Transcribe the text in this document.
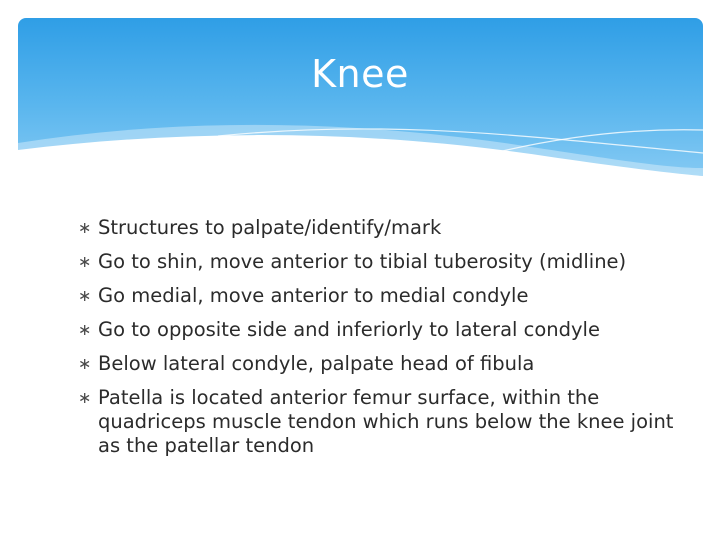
Knee
∗ Structures to palpate/identify/mark
∗ Go to shin, move anterior to tibial tuberosity (midline)
∗ Go medial, move anterior to medial condyle
∗ Go to opposite side and inferiorly to lateral condyle
∗ Below lateral condyle, palpate head of fibula
∗ Patella is located anterior femur surface, within the quadriceps muscle tendon which runs below the knee joint as the patellar tendon
